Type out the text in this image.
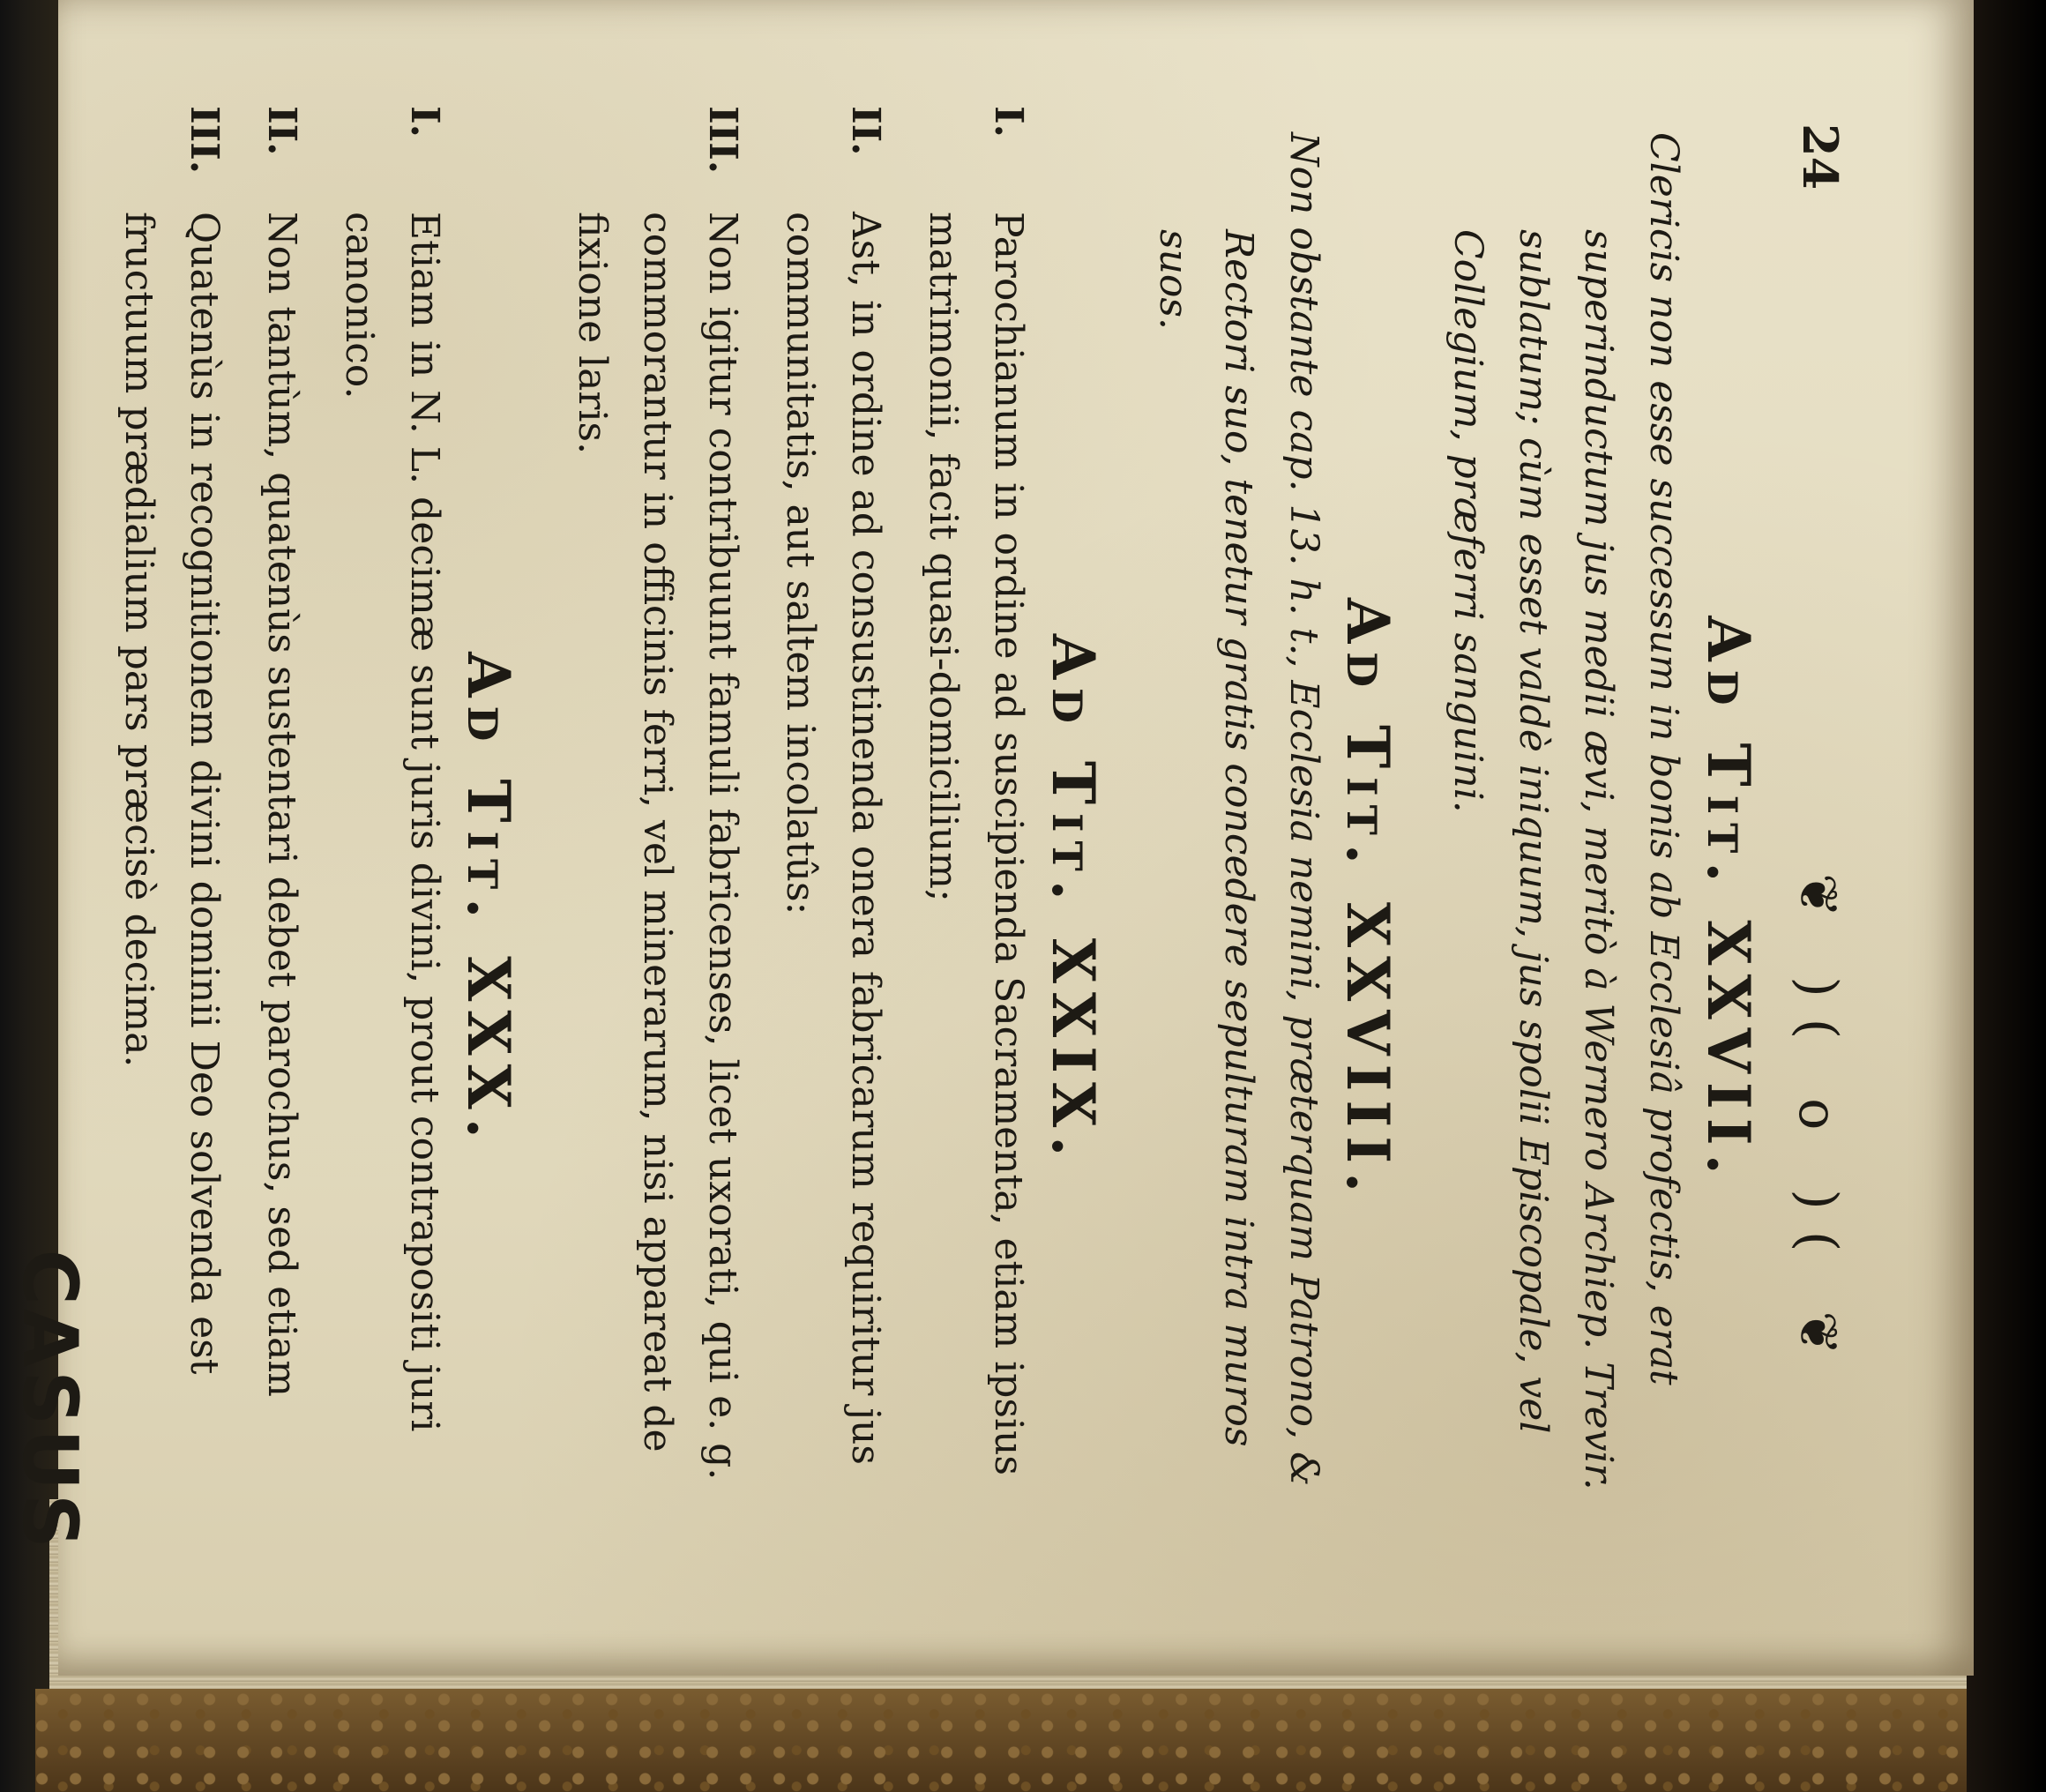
24
❦ )( o )( ❦
Ad Tit. XXVII.

Clericis non esse successum in bonis ab Ecclesiâ profectis, erat superinductum jus medii ævi, meritò à Wernero Archiep. Trevir. sublatum; cùm esset valdè iniquum, jus spolii Episcopale, vel Collegium, præferri sanguini.

Ad Tit. XXVIII.

Non obstante cap. 13. h. t., Ecclesia nemini, præterquam Patrono, & Rectori suo, tenetur gratis concedere sepulturam intra muros suos.

Ad Tit. XXIX.
I.
Parochianum in ordine ad suscipienda Sacramenta, etiam ipsius matrimonii, facit quasi-domicilium;
II.
Ast, in ordine ad consustinenda onera fabricarum requiritur jus communitatis, aut saltem incolatûs:
III.
Non igitur contribuunt famuli fabricenses, licet uxorati, qui e. g. commorantur in officinis ferri, vel minerarum, nisi appareat de fixione laris.
Ad Tit. XXX.
I.
Etiam in N. L. decimæ sunt juris divini, prout contrapositi juri canonico.
II.
Non tantùm, quatenùs sustentari debet parochus, sed etiam
III.
Quatenùs in recognitionem divini dominii Deo solvenda est fructuum prædialium pars præcisè decima.
CASUS
